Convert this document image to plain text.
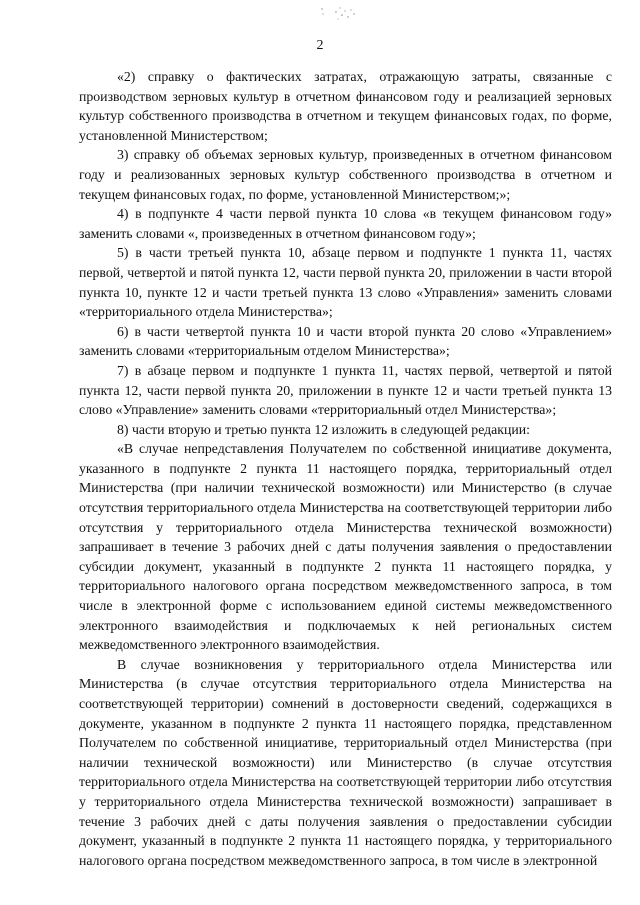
2

«2) справку о фактических затратах, отражающую затраты, связанные с производством зерновых культур в отчетном финансовом году и реализацией зерновых культур собственного производства в отчетном и текущем финансовых годах, по форме, установленной Министерством;

3) справку об объемах зерновых культур, произведенных в отчетном финансовом году и реализованных зерновых культур собственного производства в отчетном и текущем финансовых годах, по форме, установленной Министерством;»;

4) в подпункте 4 части первой пункта 10 слова «в текущем финансовом году» заменить словами «, произведенных в отчетном финансовом году»;

5) в части третьей пункта 10, абзаце первом и подпункте 1 пункта 11, частях первой, четвертой и пятой пункта 12, части первой пункта 20, приложении в части второй пункта 10, пункте 12 и части третьей пункта 13 слово «Управления» заменить словами «территориального отдела Министерства»;

6) в части четвертой пункта 10 и части второй пункта 20 слово «Управлением» заменить словами «территориальным отделом Министерства»;

7) в абзаце первом и подпункте 1 пункта 11, частях первой, четвертой и пятой пункта 12, части первой пункта 20, приложении в пункте 12 и части третьей пункта 13 слово «Управление» заменить словами «территориальный отдел Министерства»;

8) части вторую и третью пункта 12 изложить в следующей редакции:

«В случае непредставления Получателем по собственной инициативе документа, указанного в подпункте 2 пункта 11 настоящего порядка, территориальный отдел Министерства (при наличии технической возможности) или Министерство (в случае отсутствия территориального отдела Министерства на соответствующей территории либо отсутствия у территориального отдела Министерства технической возможности) запрашивает в течение 3 рабочих дней с даты получения заявления о предоставлении субсидии документ, указанный в подпункте 2 пункта 11 настоящего порядка, у территориального налогового органа посредством межведомственного запроса, в том числе в электронной форме с использованием единой системы межведомственного электронного взаимодействия и подключаемых к ней региональных систем межведомственного электронного взаимодействия.

В случае возникновения у территориального отдела Министерства или Министерства (в случае отсутствия территориального отдела Министерства на соответствующей территории) сомнений в достоверности сведений, содержащихся в документе, указанном в подпункте 2 пункта 11 настоящего порядка, представленном Получателем по собственной инициативе, территориальный отдел Министерства (при наличии технической возможности) или Министерство (в случае отсутствия территориального отдела Министерства на соответствующей территории либо отсутствия у территориального отдела Министерства технической возможности) запрашивает в течение 3 рабочих дней с даты получения заявления о предоставлении субсидии документ, указанный в подпункте 2 пункта 11 настоящего порядка, у территориального налогового органа посредством межведомственного запроса, в том числе в электронной
